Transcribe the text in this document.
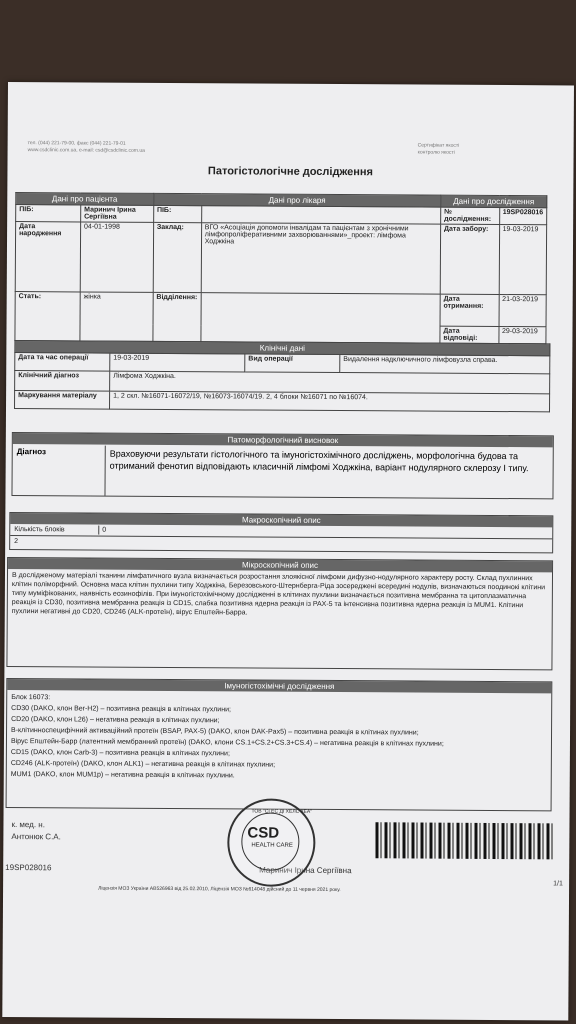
тел. (044) 221-79-00, факс (044) 221-79-01
www.csdclinic.com.ua, e-mail: csd@csdclinic.com.ua
Сертифікат якості
контролю якості
Патогістологічне дослідження
Дані про пацієнта		Дані про лікаря		Дані про дослідження	
ПІБ:	Маринич Ірина Сергіївна	ПІБ:		№ дослідження:	19SP028016
Дата народження	04-01-1998	Заклад:	ВГО «Асоціація допомоги інвалідам та пацієнтам з хронічними лімфопроліферативними захворюваннями»_проект: лімфома Ходжкіна	Дата забору:	19-03-2019
Стать:	жінка	Відділення:		Дата отримання:	21-03-2019
				Дата відповіді:	29-03-2019
Клінічні дані			
Дата та час операції	19-03-2019	Вид операції	Видалення надключичного лімфовузла справа.
Клінічний діагноз	Лімфома Ходжкіна.		
Маркування матеріалу	1, 2 скл. №16071-16072/19, №16073-16074/19. 2, 4 блоки №16071 по №16074.		
Патоморфологічний висновок
Діагноз	Враховуючи результати гістологічного та імуногістохімічного досліджень, морфологічна будова та отриманий фенотип відповідають класичній лімфомі Ходжкіна, варіант нодулярного склерозу І типу.
Макроскопічний опис
Кількість блоків	0
2
Мікроскопічний опис
В дослідженому матеріалі тканини лімфатичного вузла визначається розростання злоякісної лімфоми дифузно-нодулярного характеру росту. Склад пухлинних клітин поліморфний. Основна маса клітин пухлини типу Ходжкіна, Березовського-Штернберга-Ріда зосереджені всередині нодулів, визначаються поодинокі клітини типу муміфікованих, наявність еозинофілів. При імуногістохімічному дослідженні в клітинах пухлини визначається позитивна мембранна та цитоплазматична реакція із CD30, позитивна мембранна реакція із CD15, слабка позитивна ядерна реакція із PAX-5 та інтенсивна позитивна ядерна реакція із MUM1. Клітини пухлини негативні до CD20, CD246 (ALK-протеїн), вірус Епштейн-Барра.
Імуногістохімічні дослідження
Блок 16073:
CD30 (DAKO, клон Ber-H2) – позитивна реакція в клітинах пухлини;
CD20 (DAKO, клон L26) – негативна реакція в клітинах пухлини;
В-клітинноспецифічний активаційний протеїн (BSAP, PAX-5) (DAKO, клон DAK-Pax5) – позитивна реакція в клітинах пухлини;
Вірус Епштейн-Барр (латентний мембранний протеїн) (DAKO, клони CS.1+CS.2+CS.3+CS.4) – негативна реакція в клітинах пухлини;
CD15 (DAKO, клон Carb-3) – позитивна реакція в клітинах пухлини;
CD246 (ALK-протеїн) (DAKO, клон ALK1) – негативна реакція в клітинах пухлини;
MUM1 (DAKO, клон MUM1p) – негативна реакція в клітинах пухлини.
к. мед. н.
Антонюк С.А.
19SP028016	Маринич Ірина Сергіївна
1/1
Ліцензія МОЗ України АВ526963 від 25.02.2010, Ліцензія МОЗ №614048 дійсний до 11 червня 2021 року.
ТОВ "СІ ЕС ДІ ХЕЛС КЕА"
CSD
HEALTH CARE
